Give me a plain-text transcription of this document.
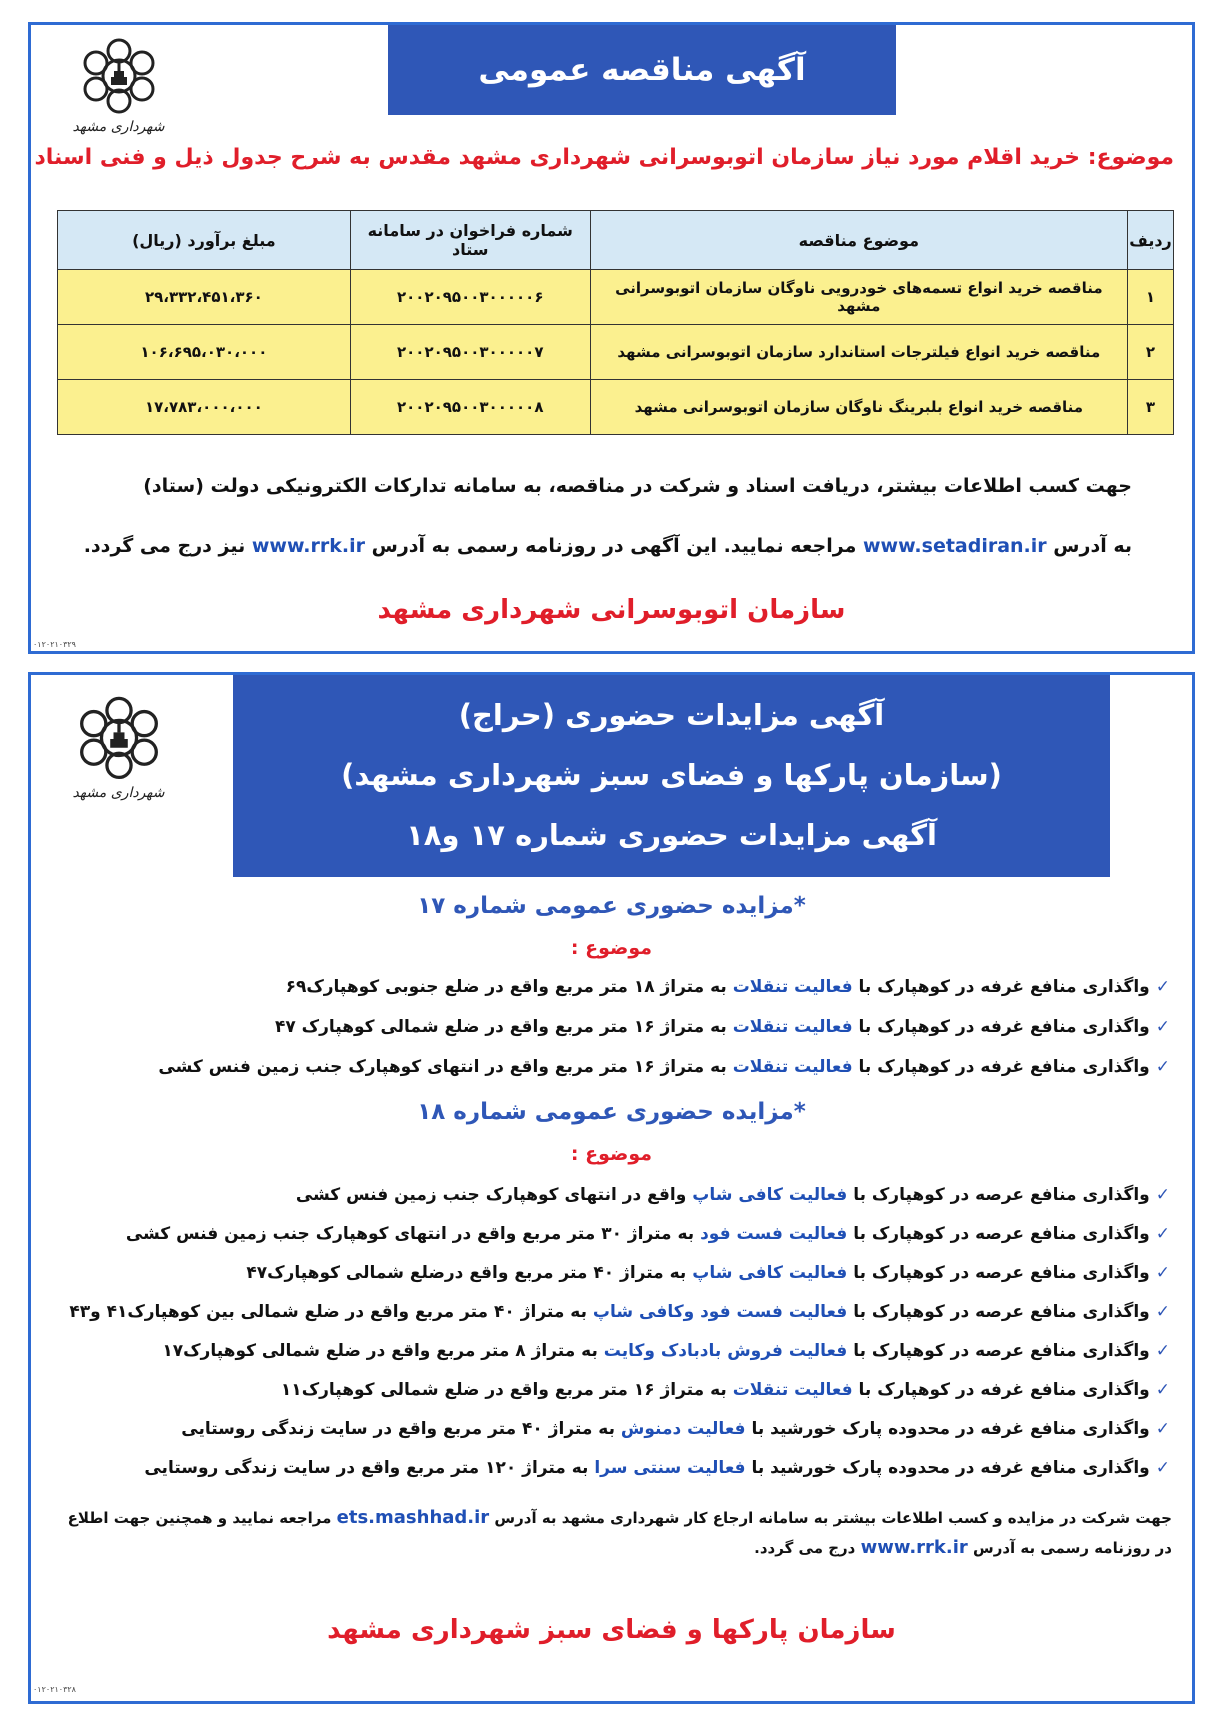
شهرداری مشهد
آگهی مناقصه عمومی
موضوع: خرید اقلام مورد نیاز سازمان اتوبوسرانی شهرداری مشهد مقدس به شرح جدول ذیل و فنی اسناد
ردیف	موضوع مناقصه	شماره فراخوان در سامانه ستاد	مبلغ برآورد (ریال)
۱	مناقصه خرید انواع تسمه‌های خودرویی ناوگان سازمان اتوبوسرانی مشهد	۲۰۰۲۰۹۵۰۰۳۰۰۰۰۰۶	۲۹،۳۳۲،۴۵۱،۳۶۰
۲	مناقصه خرید انواع فیلترجات استاندارد سازمان اتوبوسرانی مشهد	۲۰۰۲۰۹۵۰۰۳۰۰۰۰۰۷	۱۰۶،۶۹۵،۰۳۰،۰۰۰
۳	مناقصه خرید انواع بلبرینگ ناوگان سازمان اتوبوسرانی مشهد	۲۰۰۲۰۹۵۰۰۳۰۰۰۰۰۸	۱۷،۷۸۳،۰۰۰،۰۰۰
جهت کسب اطلاعات بیشتر، دریافت اسناد و شرکت در مناقصه، به سامانه تدارکات الکترونیکی دولت (ستاد)
به آدرس www.setadiran.ir مراجعه نمایید. این آگهی در روزنامه رسمی به آدرس www.rrk.ir نیز درج می گردد.
سازمان اتوبوسرانی شهرداری مشهد
۰۱۲۰۲۱۰۳۲۹
شهرداری مشهد
آگهی مزایدات حضوری (حراج)
(سازمان پارکها و فضای سبز شهرداری مشهد)
آگهی مزایدات حضوری شماره ۱۷ و۱۸
*مزایده حضوری عمومی شماره ۱۷
موضوع :
✓واگذاری منافع غرفه در کوهپارک با فعالیت تنقلات به متراژ ۱۸ متر مربع واقع در ضلع جنوبی کوهپارک۶۹
✓واگذاری منافع غرفه در کوهپارک با فعالیت تنقلات به متراژ ۱۶ متر مربع واقع در ضلع شمالی کوهپارک ۴۷
✓واگذاری منافع غرفه در کوهپارک با فعالیت تنقلات به متراژ ۱۶ متر مربع واقع در انتهای کوهپارک جنب زمین فنس کشی
*مزایده حضوری عمومی شماره ۱۸
موضوع :
✓واگذاری منافع عرصه در کوهپارک با فعالیت کافی شاپ واقع در انتهای کوهپارک جنب زمین فنس کشی
✓واگذاری منافع عرصه در کوهپارک با فعالیت فست فود به متراژ ۳۰ متر مربع واقع در انتهای کوهپارک جنب زمین فنس کشی
✓واگذاری منافع عرصه در کوهپارک با فعالیت کافی شاپ به متراژ ۴۰ متر مربع واقع درضلع شمالی کوهپارک۴۷
✓واگذاری منافع عرصه در کوهپارک با فعالیت فست فود وکافی شاپ به متراژ ۴۰ متر مربع واقع در ضلع شمالی بین کوهپارک۴۱ و۴۳
✓واگذاری منافع عرصه در کوهپارک با فعالیت فروش بادبادک وکایت به متراژ ۸ متر مربع واقع در ضلع شمالی کوهپارک۱۷
✓واگذاری منافع غرفه در کوهپارک با فعالیت تنقلات به متراژ ۱۶ متر مربع واقع در ضلع شمالی کوهپارک۱۱
✓واگذاری منافع غرفه در محدوده پارک خورشید با فعالیت دمنوش به متراژ ۴۰ متر مربع واقع در سایت زندگی روستایی
✓واگذاری منافع غرفه در محدوده پارک خورشید با فعالیت سنتی سرا به متراژ ۱۲۰ متر مربع واقع در سایت زندگی روستایی
جهت شرکت در مزایده و کسب اطلاعات بیشتر به سامانه ارجاع کار شهرداری مشهد به آدرس ets.mashhad.ir مراجعه نمایید و همچنین جهت اطلاع
در روزنامه رسمی به آدرس www.rrk.ir درج می گردد.
سازمان پارکها و فضای سبز شهرداری مشهد
۰۱۲۰۲۱۰۳۲۸
